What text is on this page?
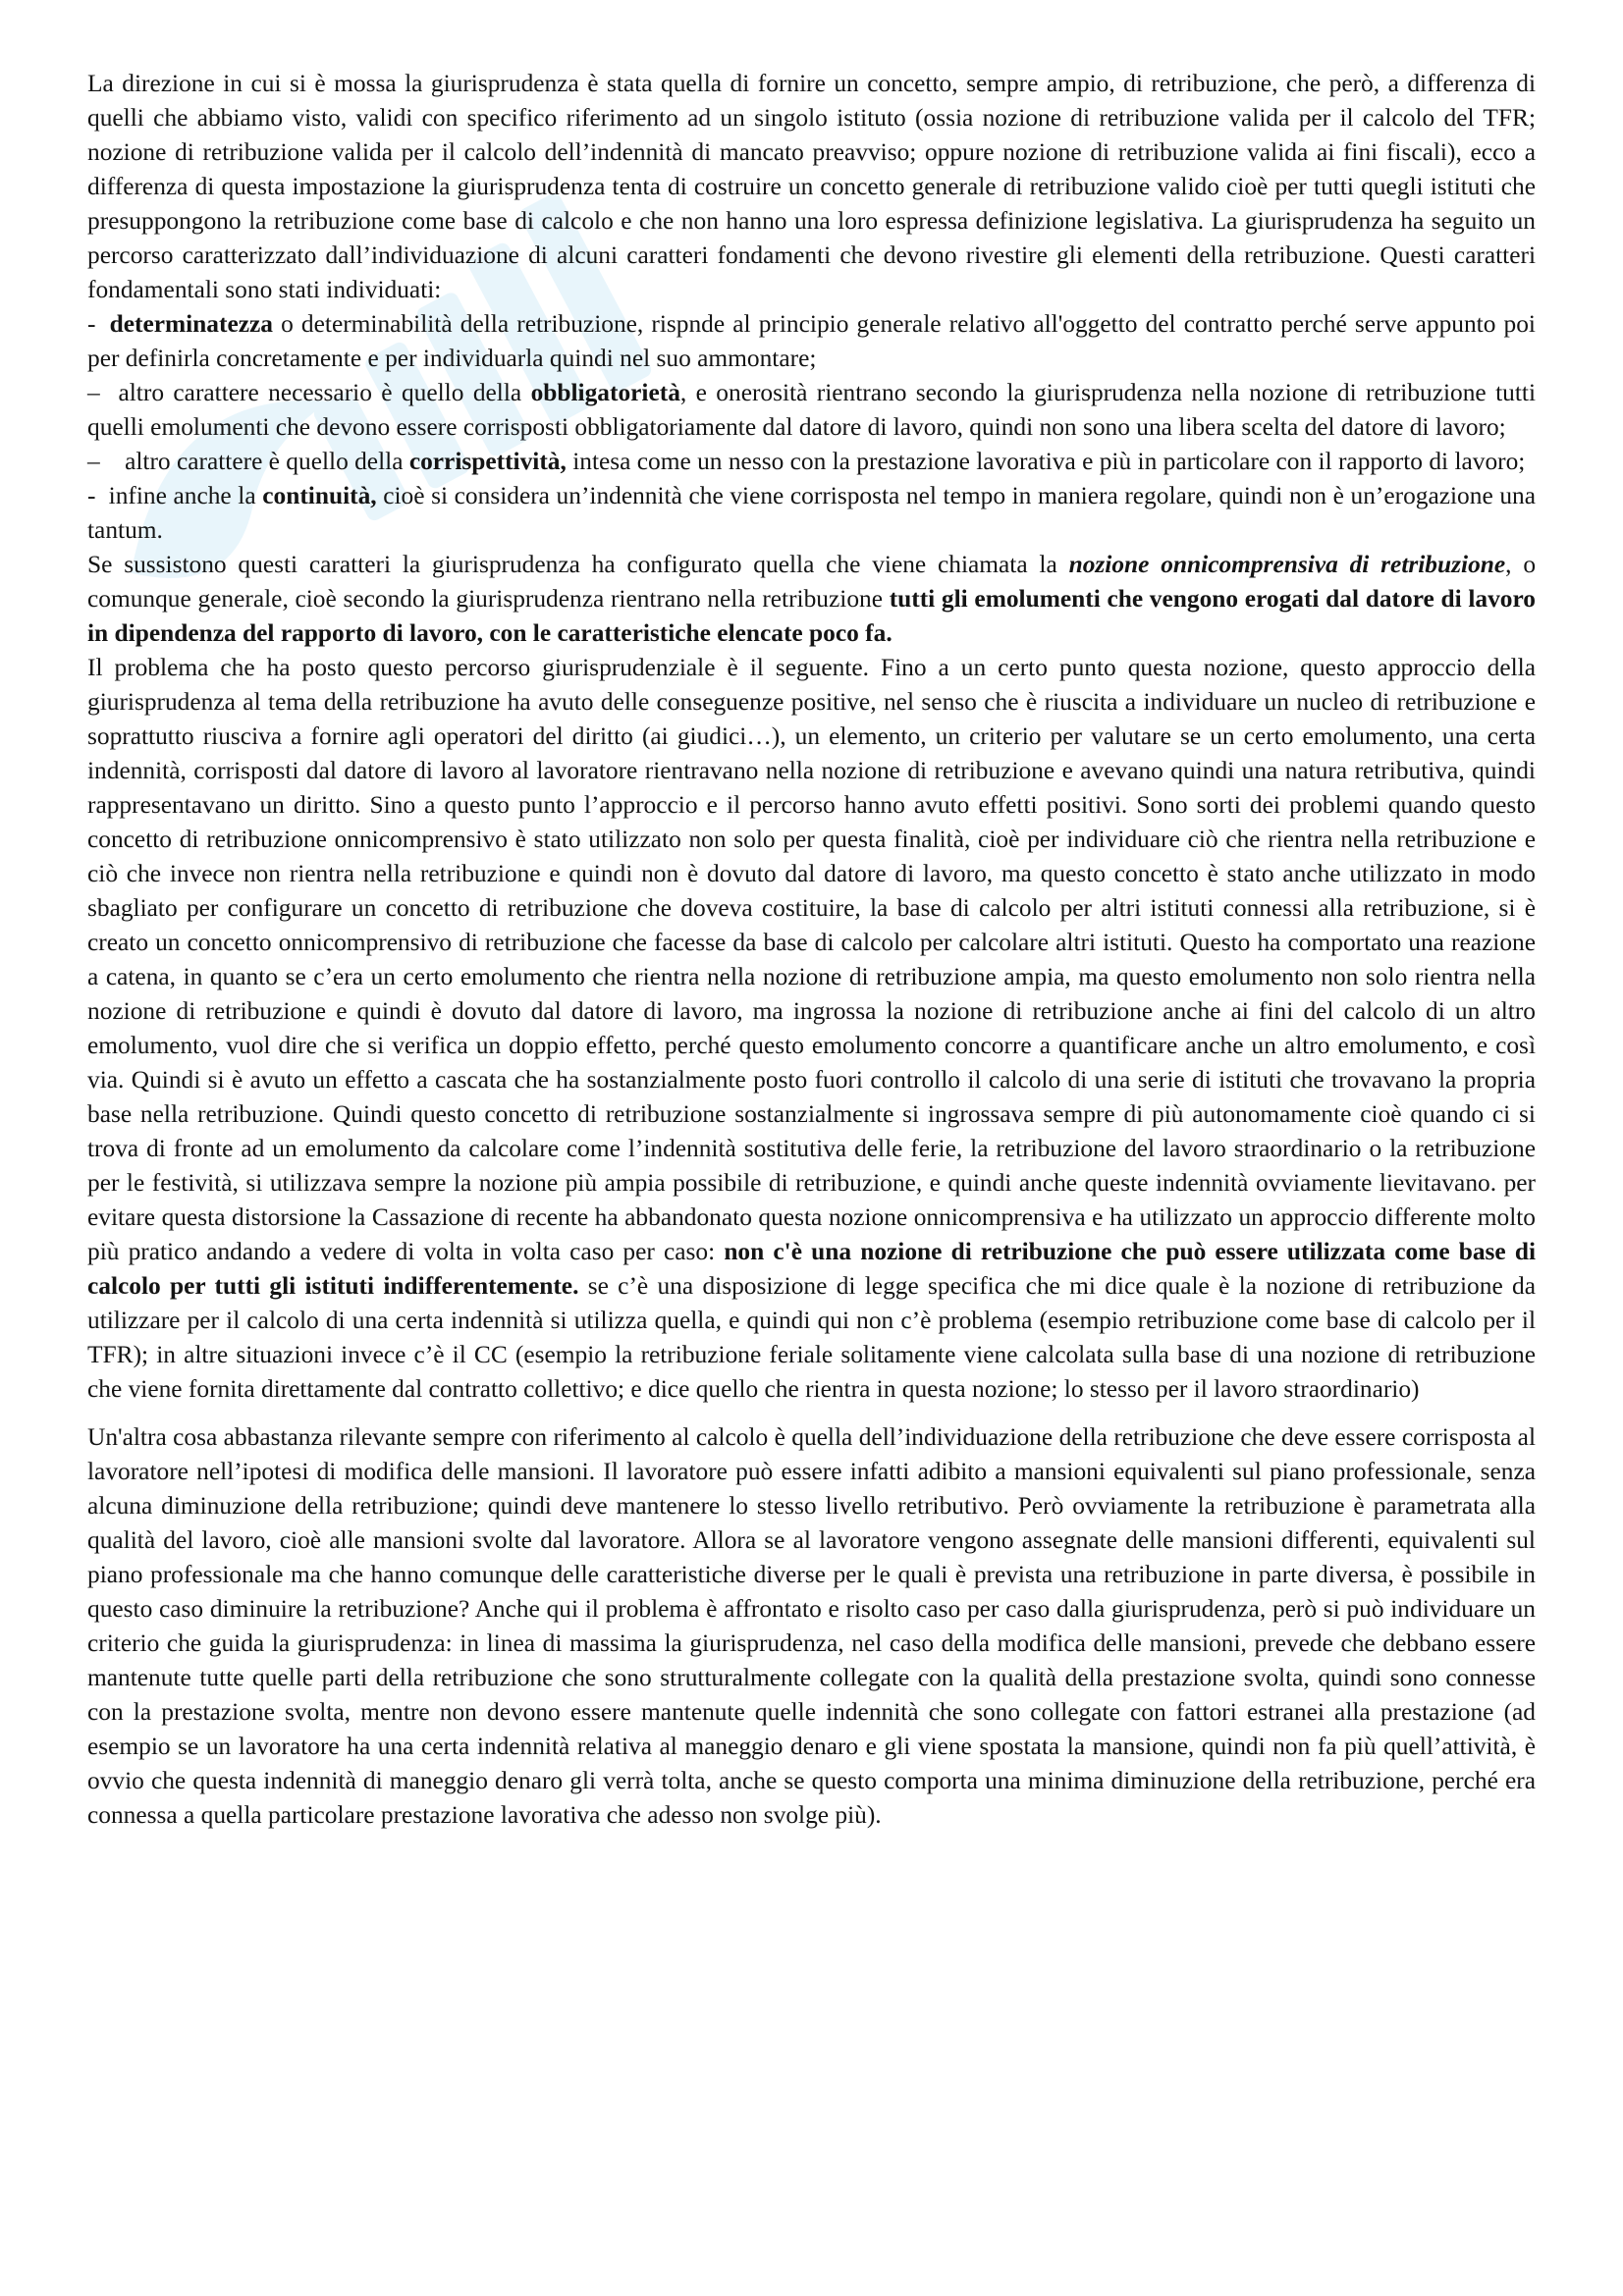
La direzione in cui si è mossa la giurisprudenza è stata quella di fornire un concetto, sempre ampio, di retribuzione, che però, a differenza di quelli che abbiamo visto, validi con specifico riferimento ad un singolo istituto (ossia nozione di retribuzione valida per il calcolo del TFR; nozione di retribuzione valida per il calcolo dell’indennità di mancato preavviso; oppure nozione di retribuzione valida ai fini fiscali), ecco a differenza di questa impostazione la giurisprudenza tenta di costruire un concetto generale di retribuzione valido cioè per tutti quegli istituti che presuppongono la retribuzione come base di calcolo e che non hanno una loro espressa definizione legislativa. La giurisprudenza ha seguito un percorso caratterizzato dall’individuazione di alcuni caratteri fondamenti che devono rivestire gli elementi della retribuzione. Questi caratteri fondamentali sono stati individuati:

- determinatezza o determinabilità della retribuzione, rispnde al principio generale relativo all'oggetto del contratto perché serve appunto poi per definirla concretamente e per individuarla quindi nel suo ammontare;

–  altro carattere necessario è quello della obbligatorietà, e onerosità rientrano secondo la giurisprudenza nella nozione di retribuzione tutti quelli emolumenti che devono essere corrisposti obbligatoriamente dal datore di lavoro, quindi non sono una libera scelta del datore di lavoro;

–    altro carattere è quello della corrispettività, intesa come un nesso con la prestazione lavorativa e più in particolare con il rapporto di lavoro;

-  infine anche la continuità, cioè si considera un’indennità che viene corrisposta nel tempo in maniera regolare, quindi non è un’erogazione una tantum.

Se sussistono questi caratteri la giurisprudenza ha configurato quella che viene chiamata la nozione onnicomprensiva di retribuzione, o comunque generale, cioè secondo la giurisprudenza rientrano nella retribuzione tutti gli emolumenti che vengono erogati dal datore di lavoro in dipendenza del rapporto di lavoro, con le caratteristiche elencate poco fa.

Il problema che ha posto questo percorso giurisprudenziale è il seguente. Fino a un certo punto questa nozione, questo approccio della giurisprudenza al tema della retribuzione ha avuto delle conseguenze positive, nel senso che è riuscita a individuare un nucleo di retribuzione e soprattutto riusciva a fornire agli operatori del diritto (ai giudici…), un elemento, un criterio per valutare se un certo emolumento, una certa indennità, corrisposti dal datore di lavoro al lavoratore rientravano nella nozione di retribuzione e avevano quindi una natura retributiva, quindi rappresentavano un diritto. Sino a questo punto l’approccio e il percorso hanno avuto effetti positivi. Sono sorti dei problemi quando questo concetto di retribuzione onnicomprensivo è stato utilizzato non solo per questa finalità, cioè per individuare ciò che rientra nella retribuzione e ciò che invece non rientra nella retribuzione e quindi non è dovuto dal datore di lavoro, ma questo concetto è stato anche utilizzato in modo sbagliato per configurare un concetto di retribuzione che doveva costituire, la base di calcolo per altri istituti connessi alla retribuzione, si è creato un concetto onnicomprensivo di retribuzione che facesse da base di calcolo per calcolare altri istituti. Questo ha comportato una reazione a catena, in quanto se c’era un certo emolumento che rientra nella nozione di retribuzione ampia, ma questo emolumento non solo rientra nella nozione di retribuzione e quindi è dovuto dal datore di lavoro, ma ingrossa la nozione di retribuzione anche ai fini del calcolo di un altro emolumento, vuol dire che si verifica un doppio effetto, perché questo emolumento concorre a quantificare anche un altro emolumento, e così via. Quindi si è avuto un effetto a cascata che ha sostanzialmente posto fuori controllo il calcolo di una serie di istituti che trovavano la propria base nella retribuzione. Quindi questo concetto di retribuzione sostanzialmente si ingrossava sempre di più autonomamente cioè quando ci si trova di fronte ad un emolumento da calcolare come l’indennità sostitutiva delle ferie, la retribuzione del lavoro straordinario o la retribuzione per le festività, si utilizzava sempre la nozione più ampia possibile di retribuzione, e quindi anche queste indennità ovviamente lievitavano. per evitare questa distorsione la Cassazione di recente ha abbandonato questa nozione onnicomprensiva e ha utilizzato un approccio differente molto più pratico andando a vedere di volta in volta caso per caso: non c'è una nozione di retribuzione che può essere utilizzata come base di calcolo per tutti gli istituti indifferentemente. se c’è una disposizione di legge specifica che mi dice quale è la nozione di retribuzione da utilizzare per il calcolo di una certa indennità si utilizza quella, e quindi qui non c’è problema (esempio retribuzione come base di calcolo per il TFR); in altre situazioni invece c’è il CC (esempio la retribuzione feriale solitamente viene calcolata sulla base di una nozione di retribuzione che viene fornita direttamente dal contratto collettivo; e dice quello che rientra in questa nozione; lo stesso per il lavoro straordinario)

Un'altra cosa abbastanza rilevante sempre con riferimento al calcolo è quella dell’individuazione della retribuzione che deve essere corrisposta al lavoratore nell’ipotesi di modifica delle mansioni. Il lavoratore può essere infatti adibito a mansioni equivalenti sul piano professionale, senza alcuna diminuzione della retribuzione; quindi deve mantenere lo stesso livello retributivo. Però ovviamente la retribuzione è parametrata alla qualità del lavoro, cioè alle mansioni svolte dal lavoratore. Allora se al lavoratore vengono assegnate delle mansioni differenti, equivalenti sul piano professionale ma che hanno comunque delle caratteristiche diverse per le quali è prevista una retribuzione in parte diversa, è possibile in questo caso diminuire la retribuzione? Anche qui il problema è affrontato e risolto caso per caso dalla giurisprudenza, però si può individuare un criterio che guida la giurisprudenza: in linea di massima la giurisprudenza, nel caso della modifica delle mansioni, prevede che debbano essere mantenute tutte quelle parti della retribuzione che sono strutturalmente collegate con la qualità della prestazione svolta, quindi sono connesse con la prestazione svolta, mentre non devono essere mantenute quelle indennità che sono collegate con fattori estranei alla prestazione (ad esempio se un lavoratore ha una certa indennità relativa al maneggio denaro e gli viene spostata la mansione, quindi non fa più quell’attività, è ovvio che questa indennità di maneggio denaro gli verrà tolta, anche se questo comporta una minima diminuzione della retribuzione, perché era connessa a quella particolare prestazione lavorativa che adesso non svolge più).
